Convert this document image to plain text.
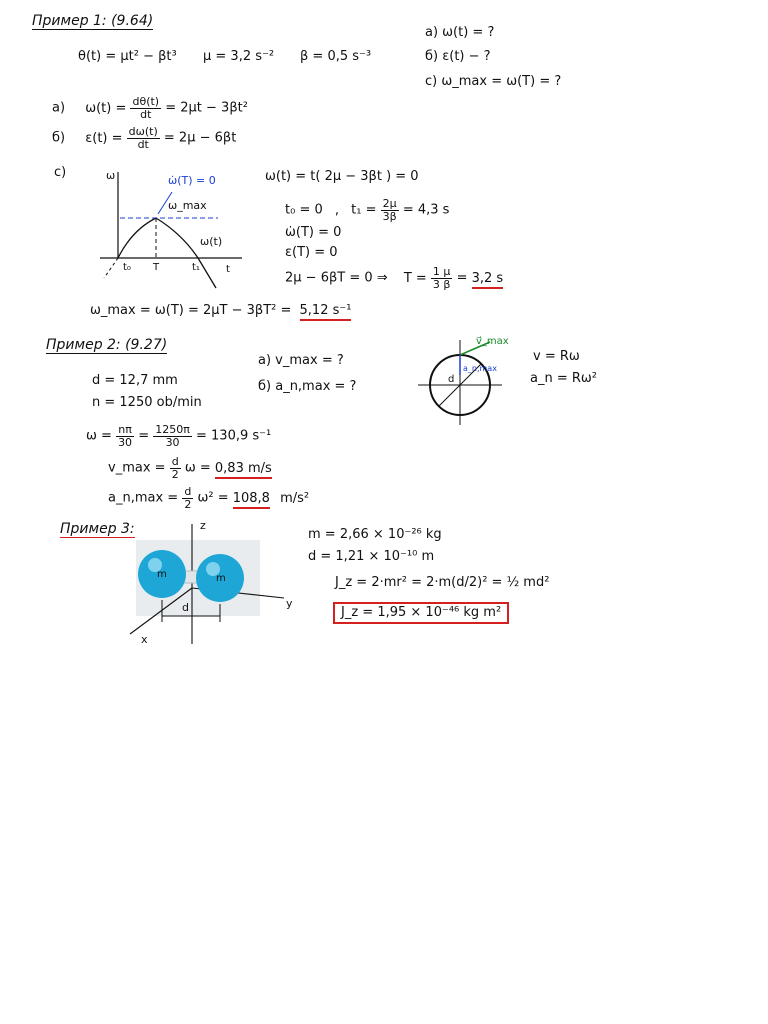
Пример 1: (9.64)
θ(t) = μt² − βt³ μ = 3,2 s⁻² β = 0,5 s⁻³
a) ω(t) = ?
б) ε(t) − ?
c) ω_max = ω(T) = ?
a) $\omega(t) = \frac{d\theta(t)}{dt} = 2\mu t - 3\beta t^2$
б) $\varepsilon(t) = \frac{d\omega(t)}{dt} = 2\mu - 6\beta t$
c)	ω	ω̇(T) = 0
ω_max
ω(t)
t₀ T	t₁	t
ω(t) = t( 2μ − 3βt ) = 0
t₀ = 0 , $t_1 = \frac{2\mu}{3\beta} = 4,3$ s
ω̇(T) = 0
ε(T) = 0
2μ − 6βT = 0 ⇒ $T = \frac{1 \mu}{3 \beta} = 3,2$ s
ω_max = ω(T) = 2μT − 3βT² = 5,12 s⁻¹
Пример 2: (9.27)
a) v_max = ?
б) a_n,max = ?
v⃗_max
a_n,max
d
v = Rω
a_n = Rω²
d = 12,7 mm
n = 1250 ob/min
$\omega = \frac{n\pi}{30} = \frac{1250\pi}{30} = 130,9$ s⁻¹
v_max = $\frac{d}{2}$ ω = 0,83 m/s
a_n,max = $\frac{d}{2} \omega^2 = 108,8$ m/s²
Пример 3:	z
y
x
d
m	m
m = 2,66 × 10⁻²⁶ kg
d = 1,21 × 10⁻¹⁰ m
J_z = 2·mr² = 2·m(d/2)² = ½ md²
J_z = 1,95 × 10⁻⁴⁶ kg m²
